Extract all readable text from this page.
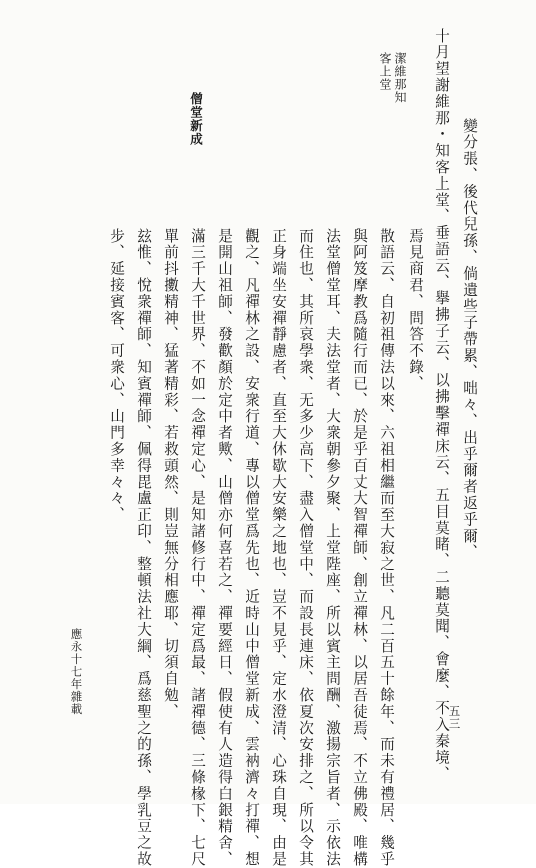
僧堂新成
潔維那知
客上堂
變分張、後代兒孫、倘遺些子帶累、咄々、出乎爾者返乎爾、
十月望謝維那・知客上堂、垂語云、擧拂子云、以拂擊禪床云、五目莫睹、二聽莫聞、會麼、不入秦境、
焉見商君、問答不錄、
散語云、自初祖傳法以來、六祖相繼而至大寂之世、凡二百五十餘年、而未有禮居、幾乎
與阿笈摩教爲隨行而已、於是乎百丈大智禪師、創立禪林、以居吾徒焉、不立佛殿、唯構
法堂僧堂耳、夫法堂者、大衆朝參夕聚、上堂陛座、所以賓主問酬、激揚宗旨者、示依法
而住也、其所哀學衆、无多少高下、盡入僧堂中、而設長連床、依夏次安排之、所以令其
正身端坐安禪靜慮者、直至大休歇大安樂之地也、豈不見乎、定水澄清、心珠自現、由是
觀之、凡禪林之設、安衆行道、專以僧堂爲先也、近時山中僧堂新成、雲衲濟々打禪、想
是開山祖師、發歡顏於定中者歟、山僧亦何喜若之、禪要經日、假使有人造得白銀精舍、
滿三千大千世界、不如一念禪定心、是知諸修行中、禪定爲最、諸禪德、三條椽下、七尺
單前抖擻精神、猛著精彩、若救頭然、則豈無分相應耶、切須自勉、
玆惟、悅衆禪師、知賓禪師、佩得毘盧正印、整頓法社大綱、爲慈聖之的孫、學乳豆之故
步、延接賓客、可衆心、山門多幸々々、
應永十七年雜載
五三
